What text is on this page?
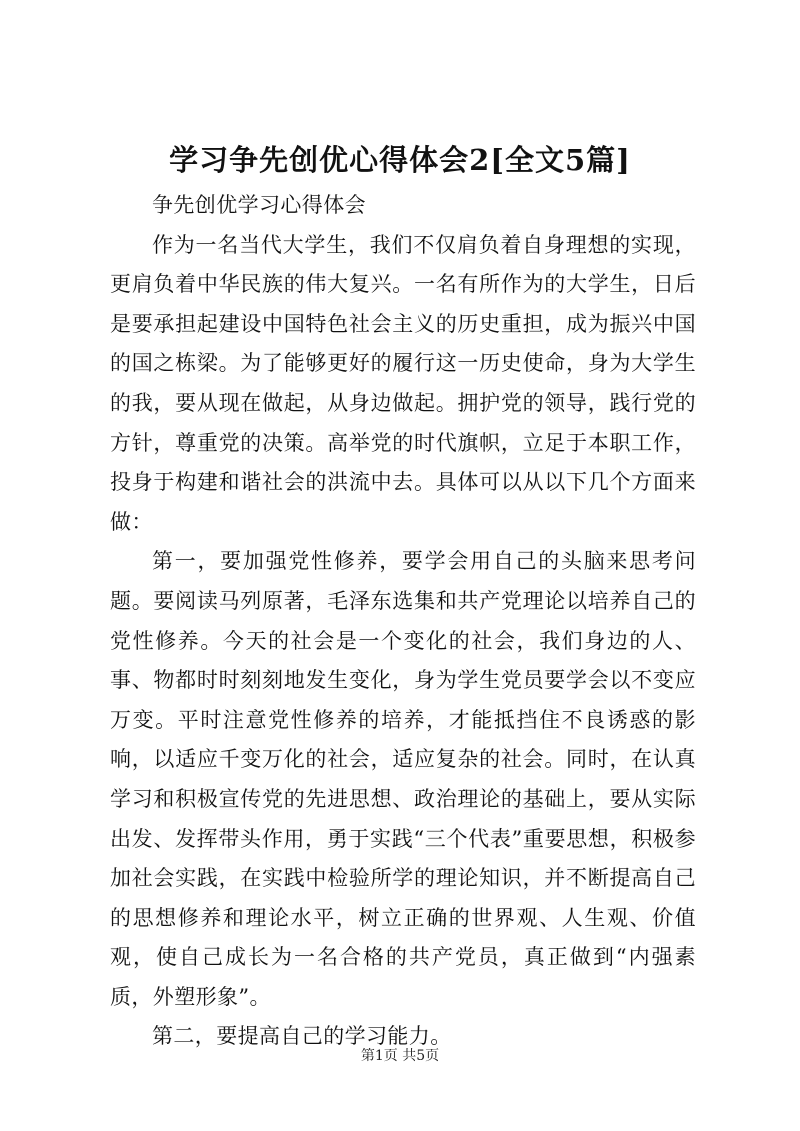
学习争先创优心得体会2[全文5篇]

争先创优学习心得体会

作为一名当代大学生，我们不仅肩负着自身理想的实现，更肩负着中华民族的伟大复兴。一名有所作为的大学生，日后是要承担起建设中国特色社会主义的历史重担，成为振兴中国的国之栋梁。为了能够更好的履行这一历史使命，身为大学生的我，要从现在做起，从身边做起。拥护党的领导，践行党的方针，尊重党的决策。高举党的时代旗帜，立足于本职工作，投身于构建和谐社会的洪流中去。具体可以从以下几个方面来做：

第一，要加强党性修养，要学会用自己的头脑来思考问题。要阅读马列原著，毛泽东选集和共产党理论以培养自己的党性修养。今天的社会是一个变化的社会，我们身边的人、事、物都时时刻刻地发生变化，身为学生党员要学会以不变应万变。平时注意党性修养的培养，才能抵挡住不良诱惑的影响，以适应千变万化的社会，适应复杂的社会。同时，在认真学习和积极宣传党的先进思想、政治理论的基础上，要从实际出发、发挥带头作用，勇于实践“三个代表”重要思想，积极参加社会实践，在实践中检验所学的理论知识，并不断提高自己的思想修养和理论水平，树立正确的世界观、人生观、价值观，使自己成长为一名合格的共产党员，真正做到“内强素质，外塑形象”。

第二，要提高自己的学习能力。

第1页 共5页
